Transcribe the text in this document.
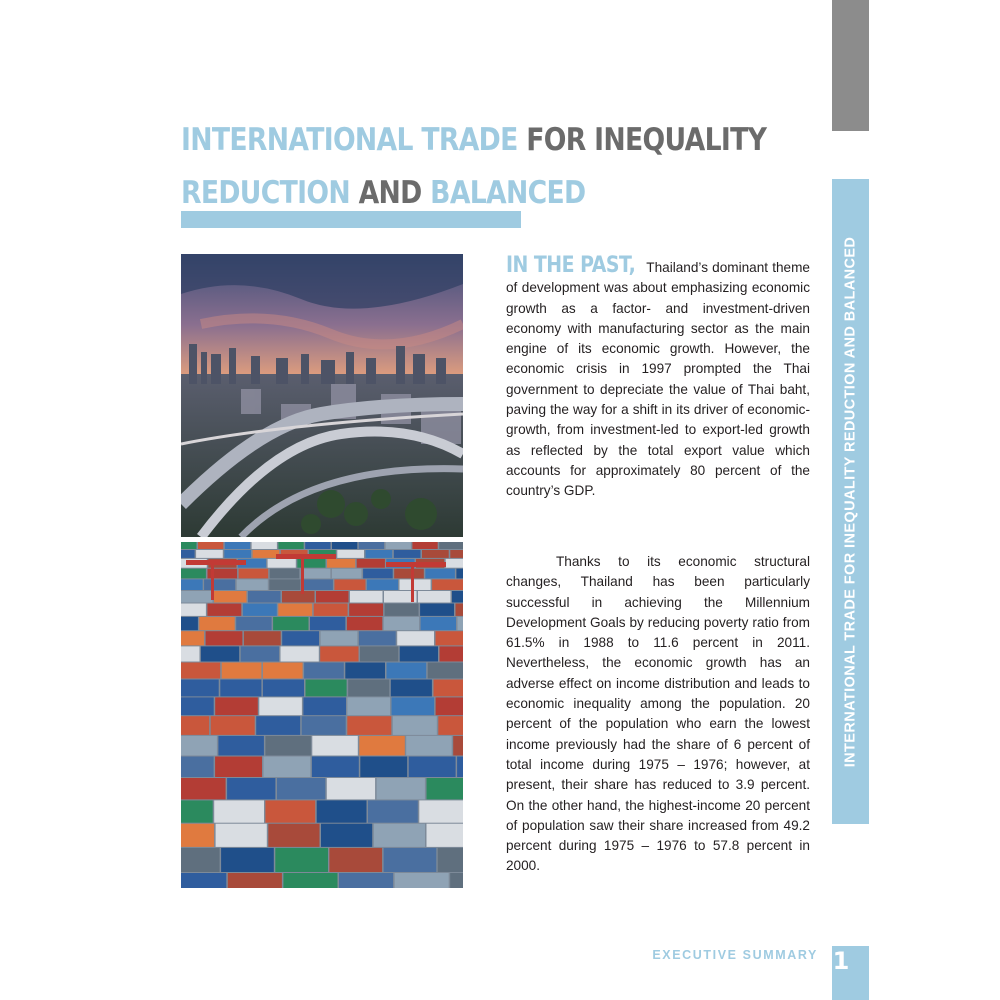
INTERNATIONAL TRADE FOR INEQUALITY REDUCTION AND BALANCED
INTERNATIONAL TRADE FOR INEQUALITY
REDUCTION AND BALANCED
IN THE PAST, Thailand’s dominant theme of development was about emphasizing economic growth as a factor- and investment-driven economy with manufacturing sector as the main engine of its economic growth. However, the economic crisis in 1997 prompted the Thai government to depreciate the value of Thai baht, paving the way for a shift in its driver of economic-growth, from investment-led to export-led growth as reflected by the total export value which accounts for approximately 80 percent of the country’s GDP.
Thanks to its economic structural changes, Thailand has been particularly successful in achieving the Millennium Development Goals by reducing poverty ratio from 61.5% in 1988 to 11.6 percent in 2011. Nevertheless, the economic growth has an adverse effect on income distribution and leads to economic inequality among the population. 20 percent of the population who earn the lowest income previously had the share of 6 percent of total income during 1975 – 1976; however, at present, their share has reduced to 3.9 percent. On the other hand, the highest-income 20 percent of population saw their share increased from 49.2 percent during 1975 – 1976 to 57.8 percent in 2000.
EXECUTIVE SUMMARY 1
